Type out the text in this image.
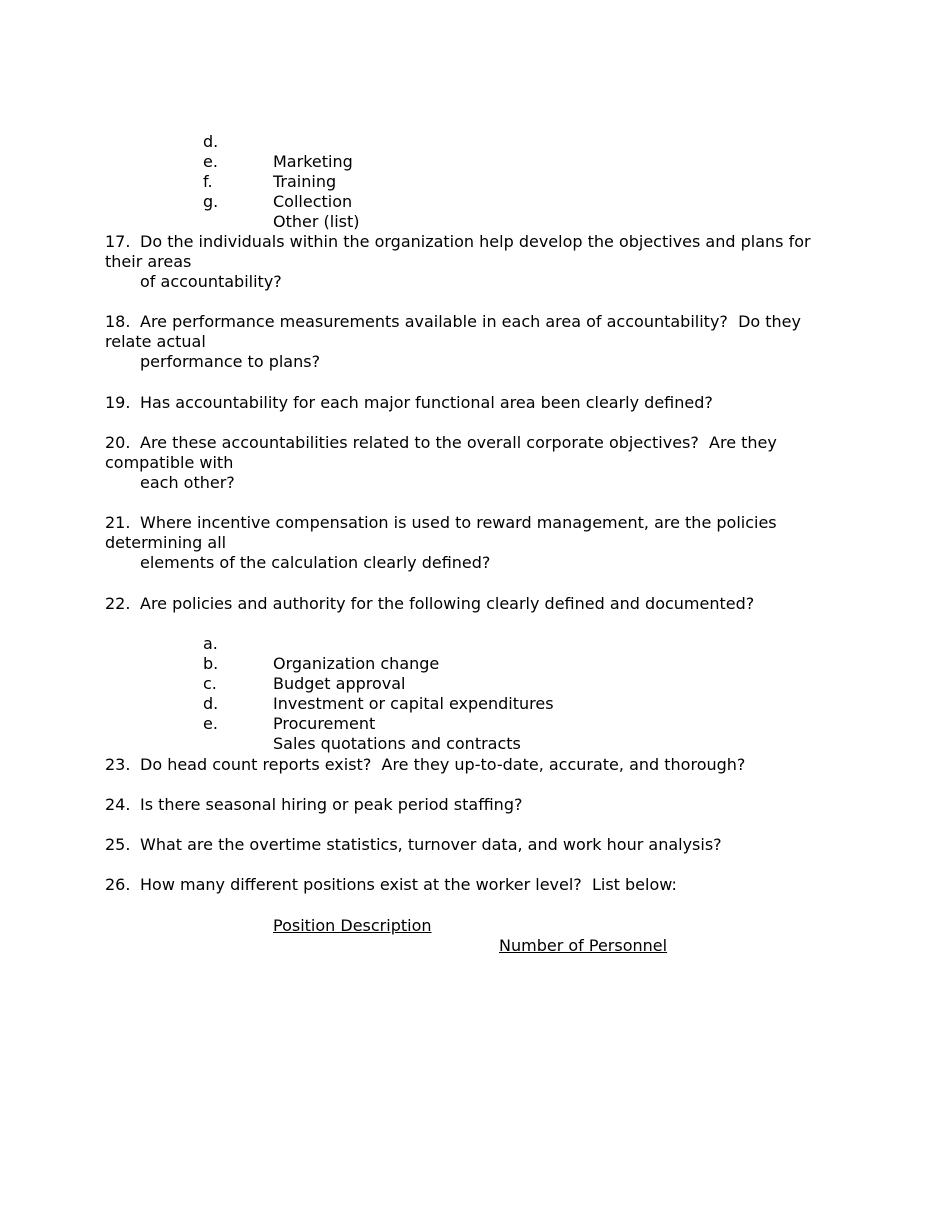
d.

Marketing

e.

Training

f.

Collection

g.

Other (list)

17. Do the individuals within the organization help develop the objectives and plans for

their areas

of accountability?

18. Are performance measurements available in each area of accountability?  Do they

relate actual

performance to plans?

19. Has accountability for each major functional area been clearly defined?

20. Are these accountabilities related to the overall corporate objectives?  Are they

compatible with

each other?

21. Where incentive compensation is used to reward management, are the policies

determining all

elements of the calculation clearly defined?

22. Are policies and authority for the following clearly defined and documented?

a.

Organization change

b.

Budget approval

c.

Investment or capital expenditures

d.

Procurement

e.

Sales quotations and contracts

23. Do head count reports exist?  Are they up-to-date, accurate, and thorough?

24. Is there seasonal hiring or peak period staffing?

25. What are the overtime statistics, turnover data, and work hour analysis?

26. How many different positions exist at the worker level?  List below:

Position Description

Number of Personnel
